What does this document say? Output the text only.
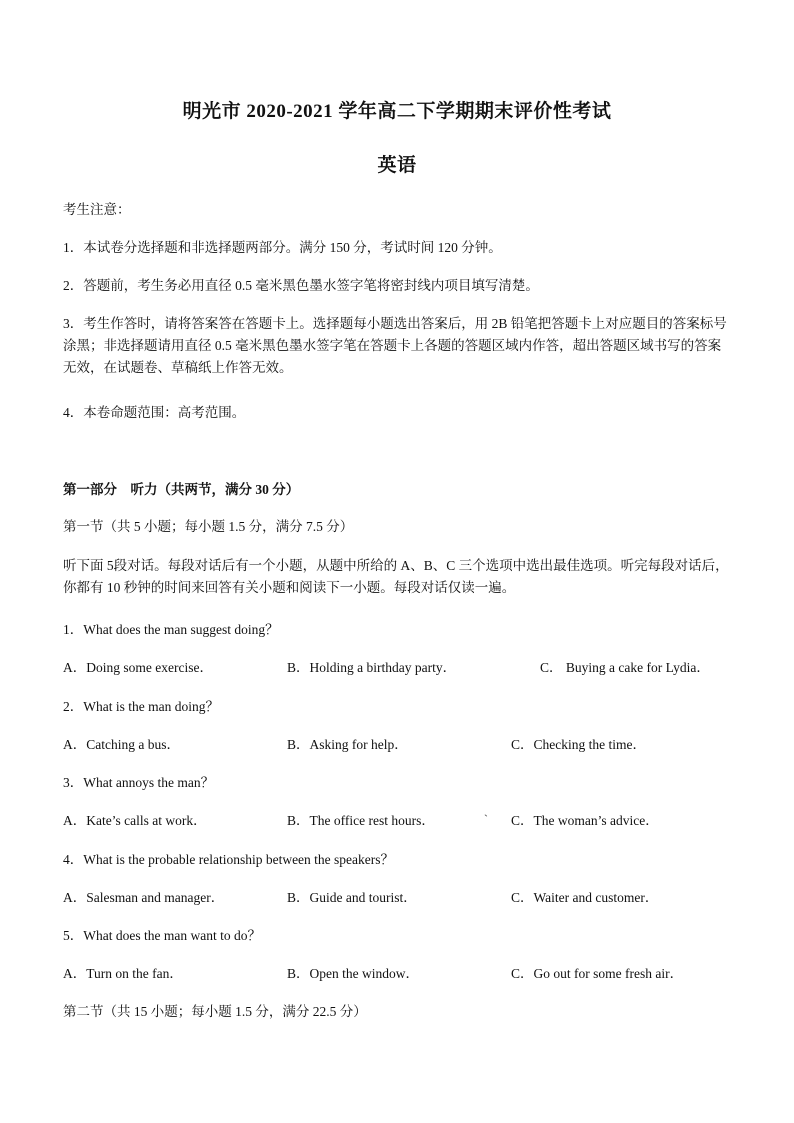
明光市 2020-2021 学年高二下学期期末评价性考试
英语
考生注意：
1．本试卷分选择题和非选择题两部分。满分 150 分，考试时间 120 分钟。
2．答题前，考生务必用直径 0.5 毫米黑色墨水签字笔将密封线内项目填写清楚。
3．考生作答时，请将答案答在答题卡上。选择题每小题选出答案后，用 2B 铅笔把答题卡上对应题目的答案标号涂黑；非选择题请用直径 0.5 毫米黑色墨水签字笔在答题卡上各题的答题区域内作答，超出答题区域书写的答案无效，在试题卷、草稿纸上作答无效。
4．本卷命题范围：高考范围。
第一部分　听力（共两节，满分 30 分）
第一节（共 5 小题；每小题 1.5 分，满分 7.5 分）
听下面 5段对话。每段对话后有一个小题，从题中所给的 A、B、C 三个选项中选出最佳选项。听完每段对话后，你都有 10 秒钟的时间来回答有关小题和阅读下一小题。每段对话仅读一遍。
1．What does the man suggest doing？
A．Doing some exercise．	B．Holding a birthday party．	C． Buying a cake for Lydia．
2．What is the man doing？
A．Catching a bus．	B．Asking for help．	C．Checking the time．
3．What annoys the man？
A．Kate’s calls at work．	B．The office rest hours．	` C．The woman’s advice．
4．What is the probable relationship between the speakers？
A．Salesman and manager．	B．Guide and tourist．	C．Waiter and customer．
5．What does the man want to do？
A．Turn on the fan．	B．Open the window．	C．Go out for some fresh air．
第二节（共 15 小题；每小题 1.5 分，满分 22.5 分）
